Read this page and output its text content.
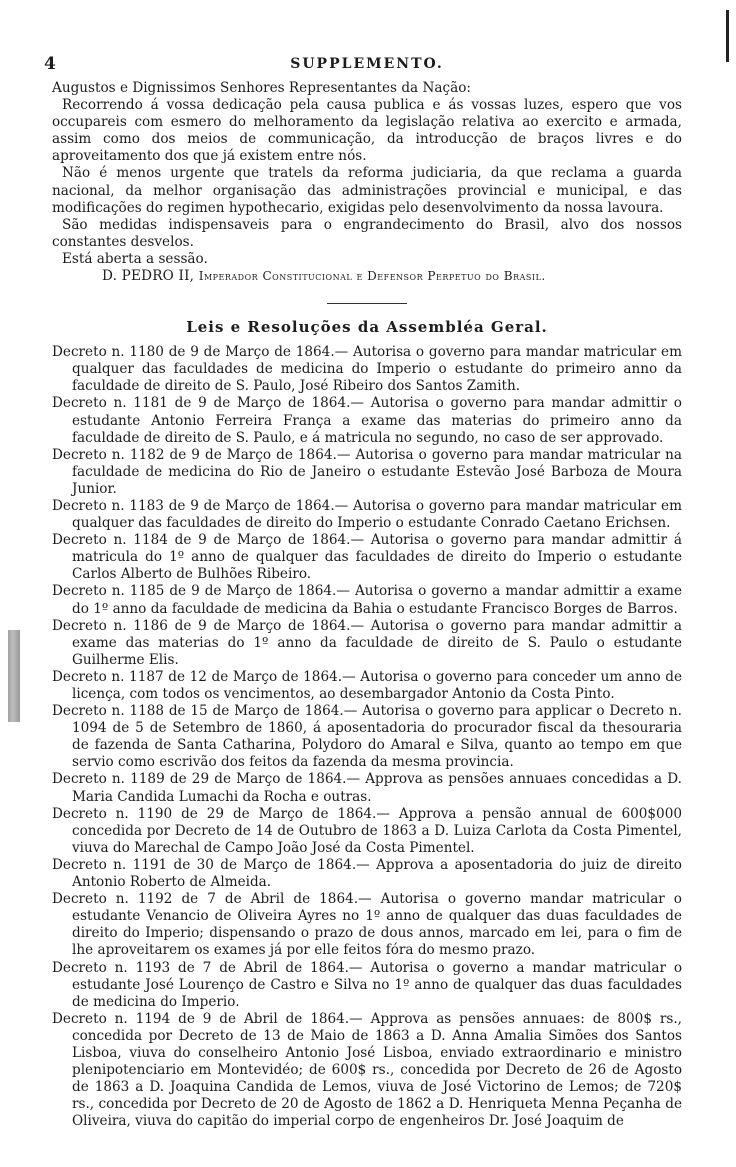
4	SUPPLEMENTO.

Augustos e Dignissimos Senhores Representantes da Nação:

Recorrendo á vossa dedicação pela causa publica e ás vossas luzes, espero que vos occupareis com esmero do melhoramento da legislação relativa ao exercito e armada, assim como dos meios de communicação, da introducção de braços livres e do aproveitamento dos que já existem entre nós.

Não é menos urgente que tratels da reforma judiciaria, da que reclama a guarda nacional, da melhor organisação das administrações provincial e municipal, e das modificações do regimen hypothecario, exigidas pelo desenvolvimento da nossa lavoura.

São medidas indispensaveis para o engrandecimento do Brasil, alvo dos nossos constantes desvelos.

Está aberta a sessão.

D. PEDRO II, Imperador Constitucional e Defensor Perpetuo do Brasil.

Leis e Resoluções da Assembléa Geral.

Decreto n. 1180 de 9 de Março de 1864.— Autorisa o governo para mandar matricular em qualquer das faculdades de medicina do Imperio o estudante do primeiro anno da faculdade de direito de S. Paulo, José Ribeiro dos Santos Zamith.

Decreto n. 1181 de 9 de Março de 1864.— Autorisa o governo para mandar admittir o estudante Antonio Ferreira França a exame das materias do primeiro anno da faculdade de direito de S. Paulo, e á matricula no segundo, no caso de ser approvado.

Decreto n. 1182 de 9 de Março de 1864.— Autorisa o governo para mandar matricular na faculdade de medicina do Rio de Janeiro o estudante Estevão José Barboza de Moura Junior.

Decreto n. 1183 de 9 de Março de 1864.— Autorisa o governo para mandar matricular em qualquer das faculdades de direito do Imperio o estudante Conrado Caetano Erichsen.

Decreto n. 1184 de 9 de Março de 1864.— Autorisa o governo para mandar admittir á matricula do 1º anno de qualquer das faculdades de direito do Imperio o estudante Carlos Alberto de Bulhões Ribeiro.

Decreto n. 1185 de 9 de Março de 1864.— Autorisa o governo a mandar admittir a exame do 1º anno da faculdade de medicina da Bahia o estudante Francisco Borges de Barros.

Decreto n. 1186 de 9 de Março de 1864.— Autorisa o governo para mandar admittir a exame das materias do 1º anno da faculdade de direito de S. Paulo o estudante Guilherme Elis.

Decreto n. 1187 de 12 de Março de 1864.— Autorisa o governo para conceder um anno de licença, com todos os vencimentos, ao desembargador Antonio da Costa Pinto.

Decreto n. 1188 de 15 de Março de 1864.— Autorisa o governo para applicar o Decreto n. 1094 de 5 de Setembro de 1860, á aposentadoria do procurador fiscal da thesouraria de fazenda de Santa Catharina, Polydoro do Amaral e Silva, quanto ao tempo em que servio como escrivão dos feitos da fazenda da mesma provincia.

Decreto n. 1189 de 29 de Março de 1864.— Approva as pensões annuaes concedidas a D. Maria Candida Lumachi da Rocha e outras.

Decreto n. 1190 de 29 de Março de 1864.— Approva a pensão annual de 600$000 concedida por Decreto de 14 de Outubro de 1863 a D. Luiza Carlota da Costa Pimentel, viuva do Marechal de Campo João José da Costa Pimentel.

Decreto n. 1191 de 30 de Março de 1864.— Approva a aposentadoria do juiz de direito Antonio Roberto de Almeida.

Decreto n. 1192 de 7 de Abril de 1864.— Autorisa o governo mandar matricular o estudante Venancio de Oliveira Ayres no 1º anno de qualquer das duas faculdades de direito do Imperio; dispensando o prazo de dous annos, marcado em lei, para o fim de lhe aproveitarem os exames já por elle feitos fóra do mesmo prazo.

Decreto n. 1193 de 7 de Abril de 1864.— Autorisa o governo a mandar matricular o estudante José Lourenço de Castro e Silva no 1º anno de qualquer das duas faculdades de medicina do Imperio.

Decreto n. 1194 de 9 de Abril de 1864.— Approva as pensões annuaes: de 800$ rs., concedida por Decreto de 13 de Maio de 1863 a D. Anna Amalia Simões dos Santos Lisboa, viuva do conselheiro Antonio José Lisboa, enviado extraordinario e ministro plenipotenciario em Montevidéo; de 600$ rs., concedida por Decreto de 26 de Agosto de 1863 a D. Joaquina Candida de Lemos, viuva de José Victorino de Lemos; de 720$ rs., concedida por Decreto de 20 de Agosto de 1862 a D. Henriqueta Menna Peçanha de Oliveira, viuva do capitão do imperial corpo de engenheiros Dr. José Joaquim de
